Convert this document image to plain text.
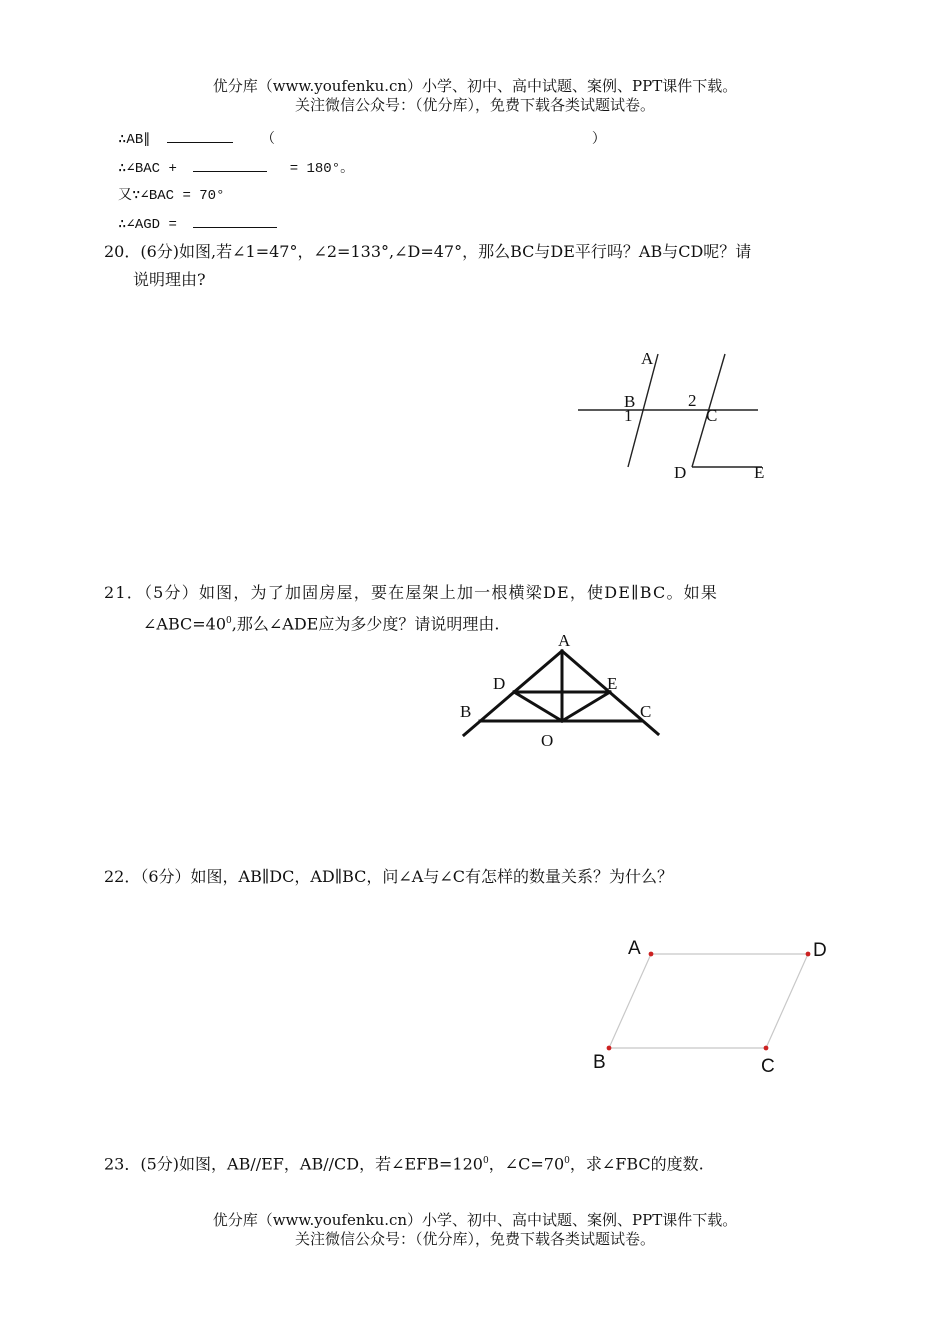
优分库（www.youfenku.cn）小学、初中、高中试题、案例、PPT课件下载。
关注微信公众号：（优分库），免费下载各类试题试卷。
∴AB∥	（	）
∴∠BAC +	= 180°。
又∵∠BAC = 70°
∴∠AGD =
20．(6分)如图,若∠1=47°，∠2=133°,∠D=47°，那么BC与DE平行吗？AB与CD呢？请
说明理由?
A
B
1
2
C
D	E
21．（5分）如图，为了加固房屋，要在屋架上加一根横梁DE，使DE∥BC。如果
$\angle ABC=40^0$,那么∠ADE应为多少度？请说明理由.
A
D	E
B	C
O
22．（6分）如图，AB∥DC，AD∥BC，问∠A与∠C有怎样的数量关系？为什么？
A	D
B	C
23．(5分)如图，AB//EF，AB//CD，若$\angle EFB=120^0$，$\angle C=70^0$，求∠FBC的度数.
优分库（www.youfenku.cn）小学、初中、高中试题、案例、PPT课件下载。
关注微信公众号：（优分库），免费下载各类试题试卷。
